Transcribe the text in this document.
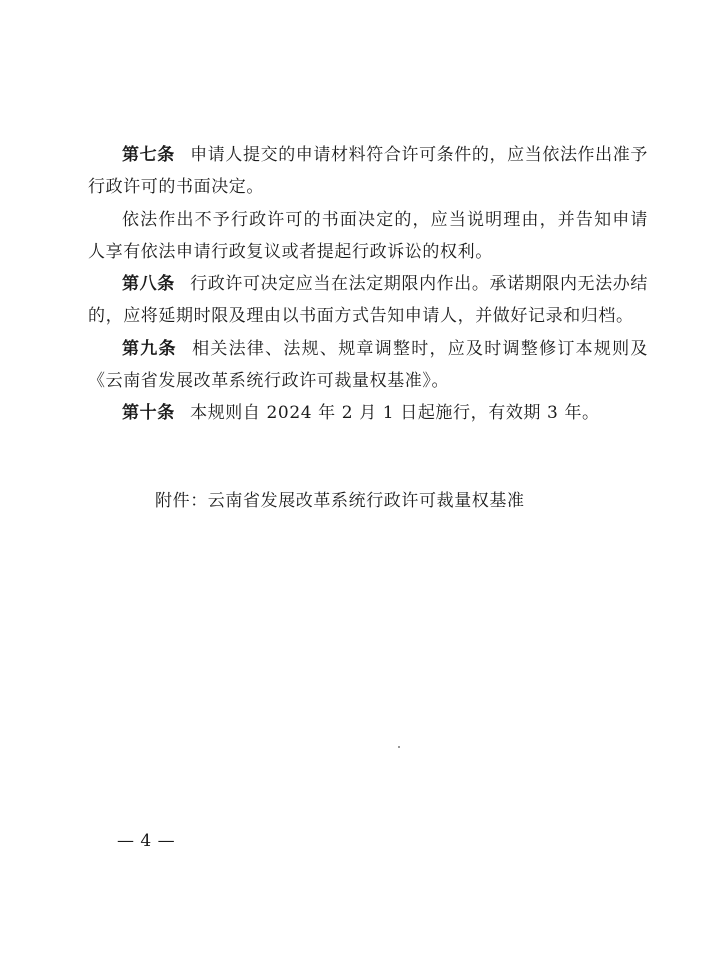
第七条 申请人提交的申请材料符合许可条件的，应当依法作出准予行政许可的书面决定。

依法作出不予行政许可的书面决定的，应当说明理由，并告知申请人享有依法申请行政复议或者提起行政诉讼的权利。

第八条 行政许可决定应当在法定期限内作出。承诺期限内无法办结的，应将延期时限及理由以书面方式告知申请人，并做好记录和归档。

第九条 相关法律、法规、规章调整时，应及时调整修订本规则及《云南省发展改革系统行政许可裁量权基准》。

第十条 本规则自 2024 年 2 月 1 日起施行，有效期 3 年。

附件：云南省发展改革系统行政许可裁量权基准
— 4 —
